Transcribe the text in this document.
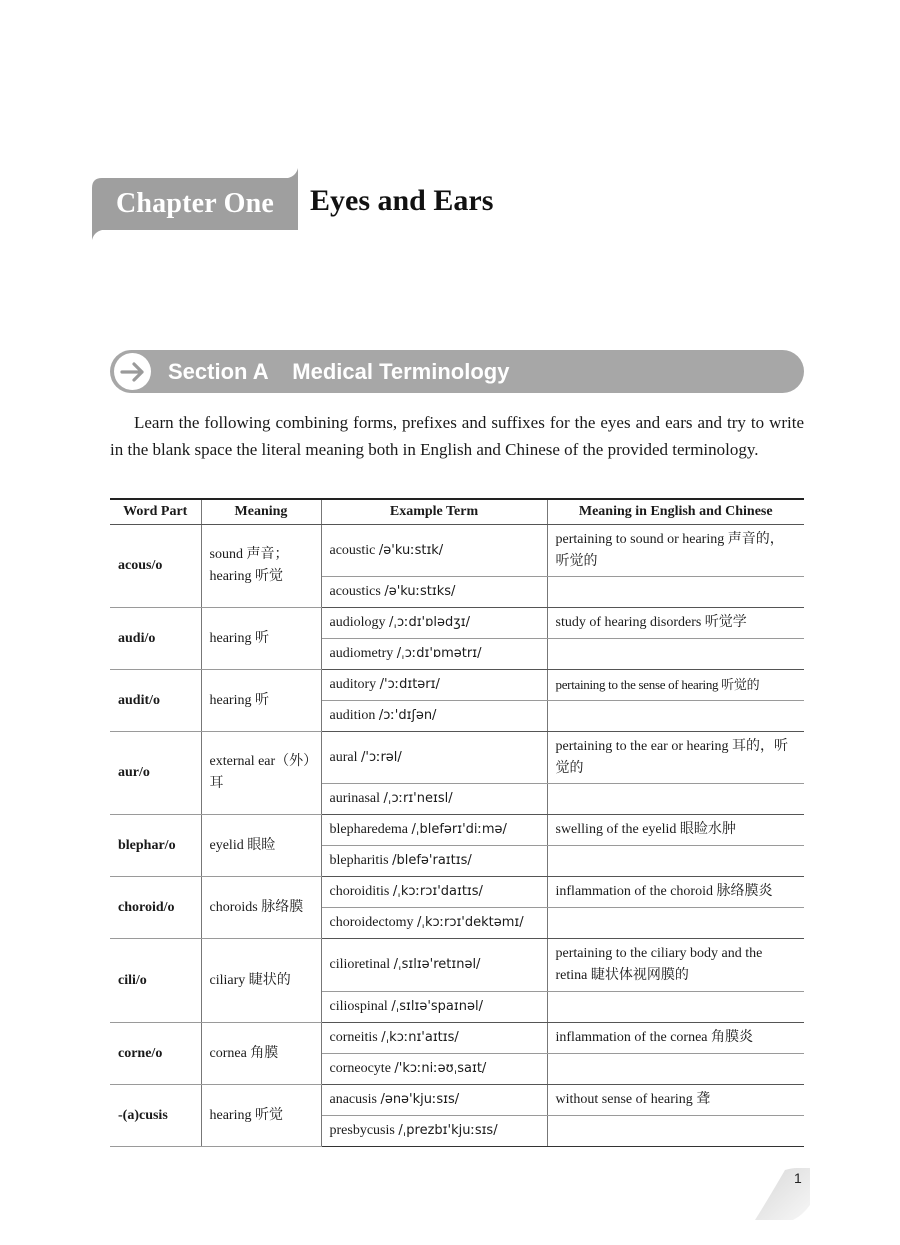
Chapter One	Eyes and Ears
Section A    Medical Terminology

Learn the following combining forms, prefixes and suffixes for the eyes and ears and try to write in the blank space the literal meaning both in English and Chinese of the provided terminology.

Word Part	Meaning	Example Term	Meaning in English and Chinese
acous/o	sound 声音；hearing 听觉	acoustic /ə'kuːstɪk/	pertaining to sound or hearing 声音的，听觉的
		acoustics /ə'kuːstɪks/	
audi/o	hearing 听	audiology /ˌɔːdɪ'ɒlədʒɪ/	study of hearing disorders 听觉学
		audiometry /ˌɔːdɪ'ɒmətrɪ/	
audit/o	hearing 听	auditory /'ɔːdɪtərɪ/	pertaining to the sense of hearing 听觉的
		audition /ɔː'dɪʃən/	
aur/o	external ear（外）耳	aural /'ɔːrəl/	pertaining to the ear or hearing 耳的，听觉的
		aurinasal /ˌɔːrɪ'neɪsl/	
blephar/o	eyelid 眼睑	blepharedema /ˌblefərɪ'diːmə/	swelling of the eyelid 眼睑水肿
		blepharitis /blefə'raɪtɪs/	
choroid/o	choroids 脉络膜	choroiditis /ˌkɔːrɔɪ'daɪtɪs/	inflammation of the choroid 脉络膜炎
		choroidectomy /ˌkɔːrɔɪ'dektəmɪ/	
cili/o	ciliary 睫状的	cilioretinal /ˌsɪlɪə'retɪnəl/	pertaining to the ciliary body and the retina 睫状体视网膜的
		ciliospinal /ˌsɪlɪə'spaɪnəl/	
corne/o	cornea 角膜	corneitis /ˌkɔːnɪ'aɪtɪs/	inflammation of the cornea 角膜炎
		corneocyte /'kɔːniːəʊˌsaɪt/	
-(a)cusis	hearing 听觉	anacusis /ənə'kjuːsɪs/	without sense of hearing 聋
		presbycusis /ˌprezbɪ'kjuːsɪs/	
1
